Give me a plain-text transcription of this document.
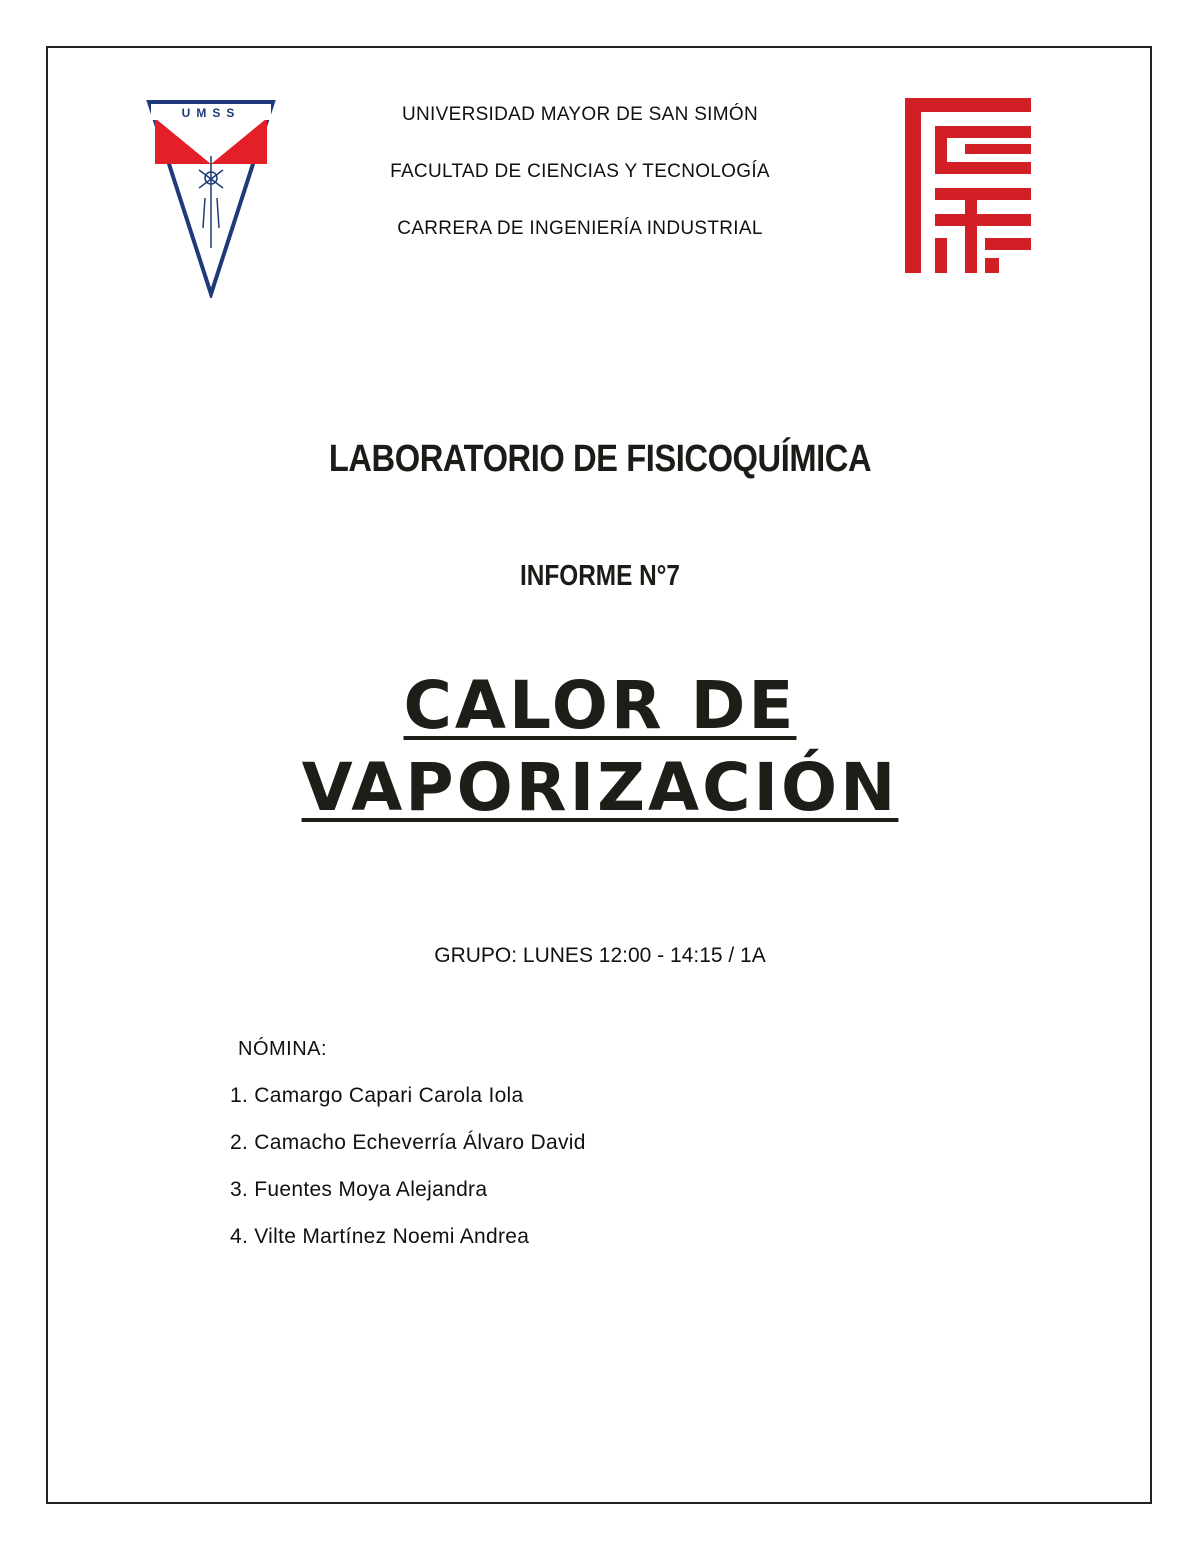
UMSS	UNIVERSIDAD MAYOR DE SAN SIMÓN
FACULTAD DE CIENCIAS Y TECNOLOGÍA
CARRERA DE INGENIERÍA INDUSTRIAL
LABORATORIO DE FISICOQUÍMICA
INFORME N°7
CALOR DE
VAPORIZACIÓN
GRUPO: LUNES 12:00 - 14:15 / 1A
NÓMINA:
1. Camargo Capari Carola Iola
2. Camacho Echeverría Álvaro David
3. Fuentes Moya Alejandra
4. Vilte Martínez Noemi Andrea
